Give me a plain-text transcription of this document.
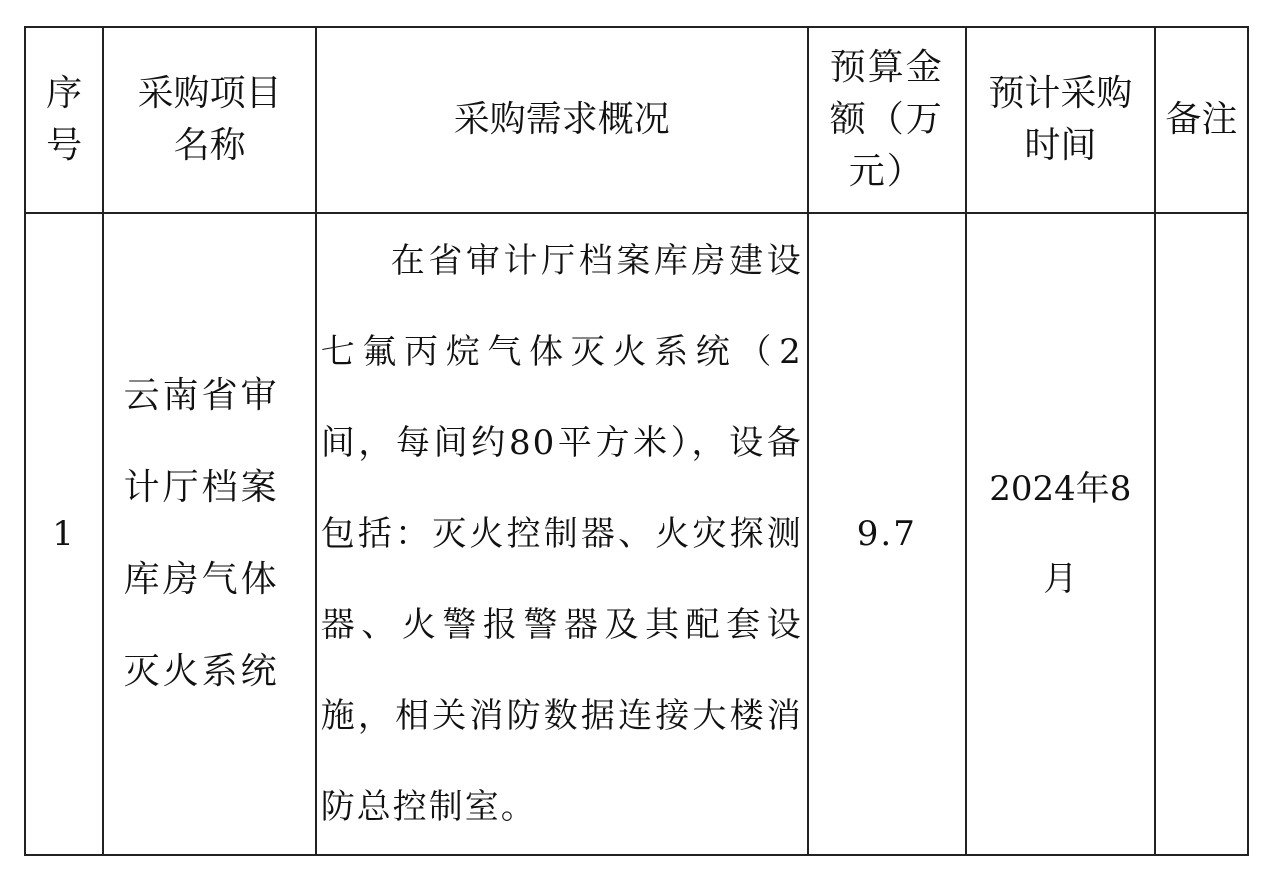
序号	采购项目名称	采购需求概况	预算金额（万元）	预计采购时间	备注

1	云南省审计厅档案库房气体灭火系统	在省审计厅档案库房建设七氟丙烷气体灭火系统（2间，每间约80平方米），设备包括：灭火控制器、火灾探测器、火警报警器及其配套设施，相关消防数据连接大楼消防总控制室。	9.7	2024年8月	
